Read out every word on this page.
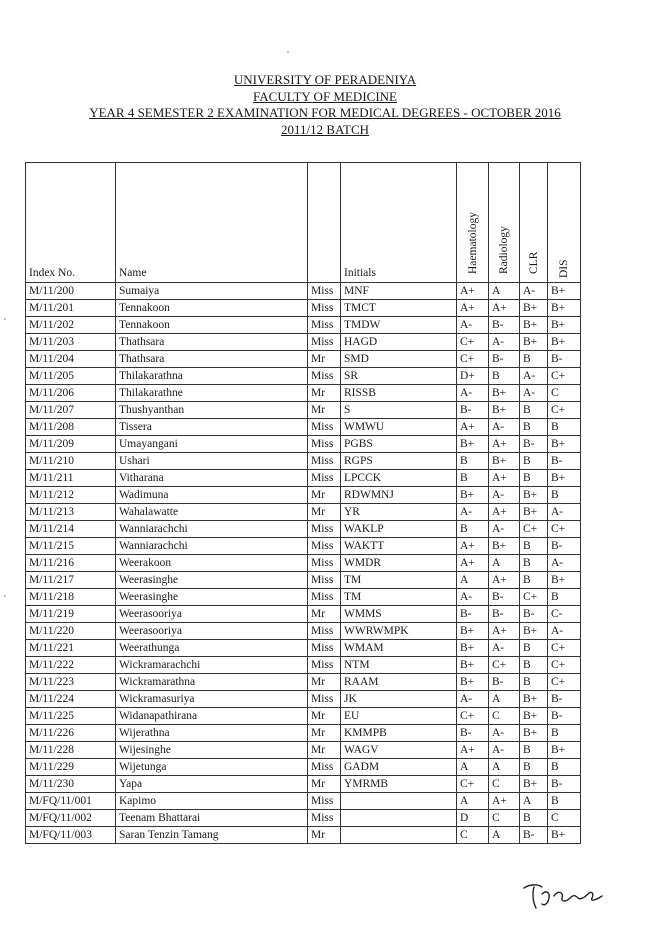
UNIVERSITY OF PERADENIYA
FACULTY OF MEDICINE
YEAR 4 SEMESTER 2 EXAMINATION FOR MEDICAL DEGREES - OCTOBER 2016
2011/12 BATCH
Index No.	Name		Initials	Haematology	Radiology	CLR	DIS

M/11/200	Sumaiya	Miss	MNF	A+	A	A-	B+
M/11/201	Tennakoon	Miss	TMCT	A+	A+	B+	B+
M/11/202	Tennakoon	Miss	TMDW	A-	B-	B+	B+
M/11/203	Thathsara	Miss	HAGD	C+	A-	B+	B+
M/11/204	Thathsara	Mr	SMD	C+	B-	B	B-
M/11/205	Thilakarathna	Miss	SR	D+	B	A-	C+
M/11/206	Thilakarathne	Mr	RISSB	A-	B+	A-	C
M/11/207	Thushyanthan	Mr	S	B-	B+	B	C+
M/11/208	Tissera	Miss	WMWU	A+	A-	B	B
M/11/209	Umayangani	Miss	PGBS	B+	A+	B-	B+
M/11/210	Ushari	Miss	RGPS	B	B+	B	B-
M/11/211	Vitharana	Miss	LPCCK	B	A+	B	B+
M/11/212	Wadimuna	Mr	RDWMNJ	B+	A-	B+	B
M/11/213	Wahalawatte	Mr	YR	A-	A+	B+	A-
M/11/214	Wanniarachchi	Miss	WAKLP	B	A-	C+	C+
M/11/215	Wanniarachchi	Miss	WAKTT	A+	B+	B	B-
M/11/216	Weerakoon	Miss	WMDR	A+	A	B	A-
M/11/217	Weerasinghe	Miss	TM	A	A+	B	B+
M/11/218	Weerasinghe	Miss	TM	A-	B-	C+	B
M/11/219	Weerasooriya	Mr	WMMS	B-	B-	B-	C-
M/11/220	Weerasooriya	Miss	WWRWMPK	B+	A+	B+	A-
M/11/221	Weerathunga	Miss	WMAM	B+	A-	B	C+
M/11/222	Wickramarachchi	Miss	NTM	B+	C+	B	C+
M/11/223	Wickramarathna	Mr	RAAM	B+	B-	B	C+
M/11/224	Wickramasuriya	Miss	JK	A-	A	B+	B-
M/11/225	Widanapathirana	Mr	EU	C+	C	B+	B-
M/11/226	Wijerathna	Mr	KMMPB	B-	A-	B+	B
M/11/228	Wijesinghe	Mr	WAGV	A+	A-	B	B+
M/11/229	Wijetunga	Miss	GADM	A	A	B	B
M/11/230	Yapa	Mr	YMRMB	C+	C	B+	B-
M/FQ/11/001	Kapimo	Miss		A	A+	A	B
M/FQ/11/002	Teenam Bhattarai	Miss		D	C	B	C
M/FQ/11/003	Saran Tenzin Tamang	Mr		C	A	B-	B+
